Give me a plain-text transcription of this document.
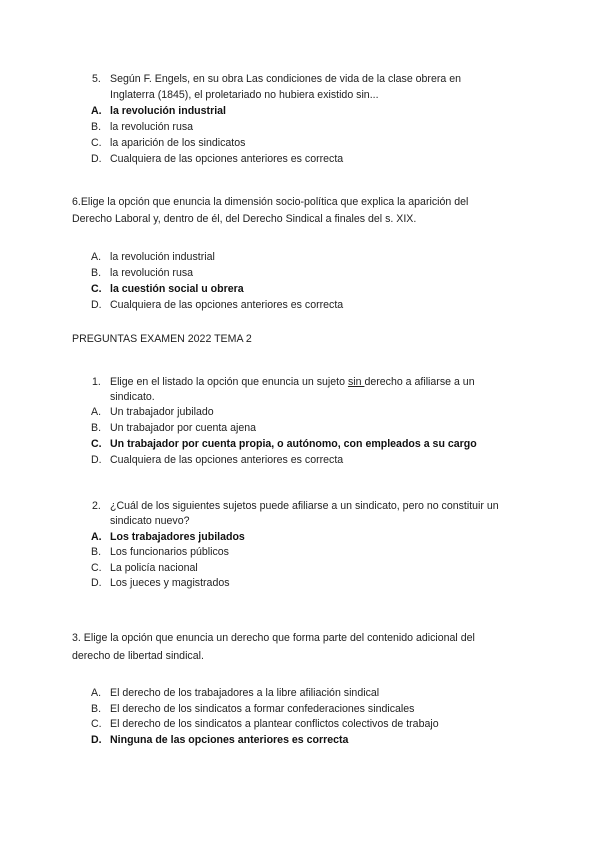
5. Según F. Engels, en su obra Las condiciones de vida de la clase obrera en
Inglaterra (1845), el proletariado no hubiera existido sin...
A. la revolución industrial
B. la revolución rusa
C. la aparición de los sindicatos
D. Cualquiera de las opciones anteriores es correcta
6.Elige la opción que enuncia la dimensión socio-política que explica la aparición del
Derecho Laboral y, dentro de él, del Derecho Sindical a finales del s. XIX.
A. la revolución industrial
B. la revolución rusa
C. la cuestión social u obrera
D. Cualquiera de las opciones anteriores es correcta
PREGUNTAS EXAMEN 2022 TEMA 2
1. Elige en el listado la opción que enuncia un sujeto sin derecho a afiliarse a un
sindicato.
A. Un trabajador jubilado
B. Un trabajador por cuenta ajena
C. Un trabajador por cuenta propia, o autónomo, con empleados a su cargo
D. Cualquiera de las opciones anteriores es correcta
2. ¿Cuál de los siguientes sujetos puede afiliarse a un sindicato, pero no constituir un
sindicato nuevo?
A. Los trabajadores jubilados
B. Los funcionarios públicos
C. La policía nacional
D. Los jueces y magistrados
3. Elige la opción que enuncia un derecho que forma parte del contenido adicional del
derecho de libertad sindical.
A. El derecho de los trabajadores a la libre afiliación sindical
B. El derecho de los sindicatos a formar confederaciones sindicales
C. El derecho de los sindicatos a plantear conflictos colectivos de trabajo
D. Ninguna de las opciones anteriores es correcta
